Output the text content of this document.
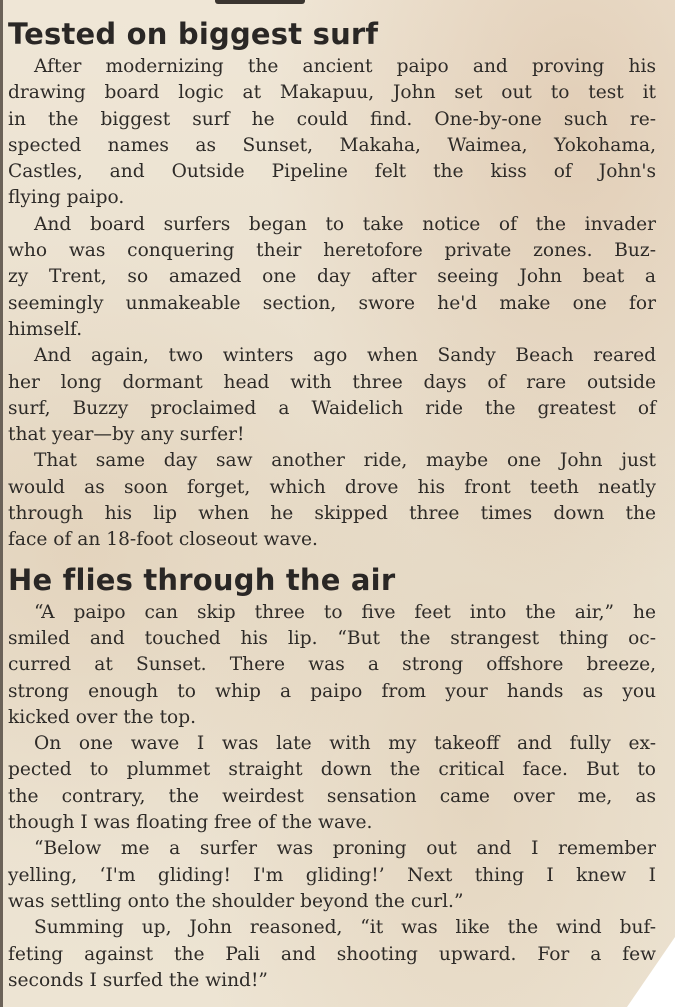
Tested on biggest surf

After modernizing the ancient paipo and proving his
drawing board logic at Makapuu, John set out to test it
in the biggest surf he could find. One-by-one such re-
spected names as Sunset, Makaha, Waimea, Yokohama,
Castles, and Outside Pipeline felt the kiss of John's
flying paipo.

And board surfers began to take notice of the invader
who was conquering their heretofore private zones. Buz-
zy Trent, so amazed one day after seeing John beat a
seemingly unmakeable section, swore he'd make one for
himself.

And again, two winters ago when Sandy Beach reared
her long dormant head with three days of rare outside
surf, Buzzy proclaimed a Waidelich ride the greatest of
that year—by any surfer!

That same day saw another ride, maybe one John just
would as soon forget, which drove his front teeth neatly
through his lip when he skipped three times down the
face of an 18-foot closeout wave.

He flies through the air

“A paipo can skip three to five feet into the air,” he
smiled and touched his lip. “But the strangest thing oc-
curred at Sunset. There was a strong offshore breeze,
strong enough to whip a paipo from your hands as you
kicked over the top.

On one wave I was late with my takeoff and fully ex-
pected to plummet straight down the critical face. But to
the contrary, the weirdest sensation came over me, as
though I was floating free of the wave.

“Below me a surfer was proning out and I remember
yelling, ‘I'm gliding! I'm gliding!’ Next thing I knew I
was settling onto the shoulder beyond the curl.”

Summing up, John reasoned, “it was like the wind buf-
feting against the Pali and shooting upward. For a few
seconds I surfed the wind!”
